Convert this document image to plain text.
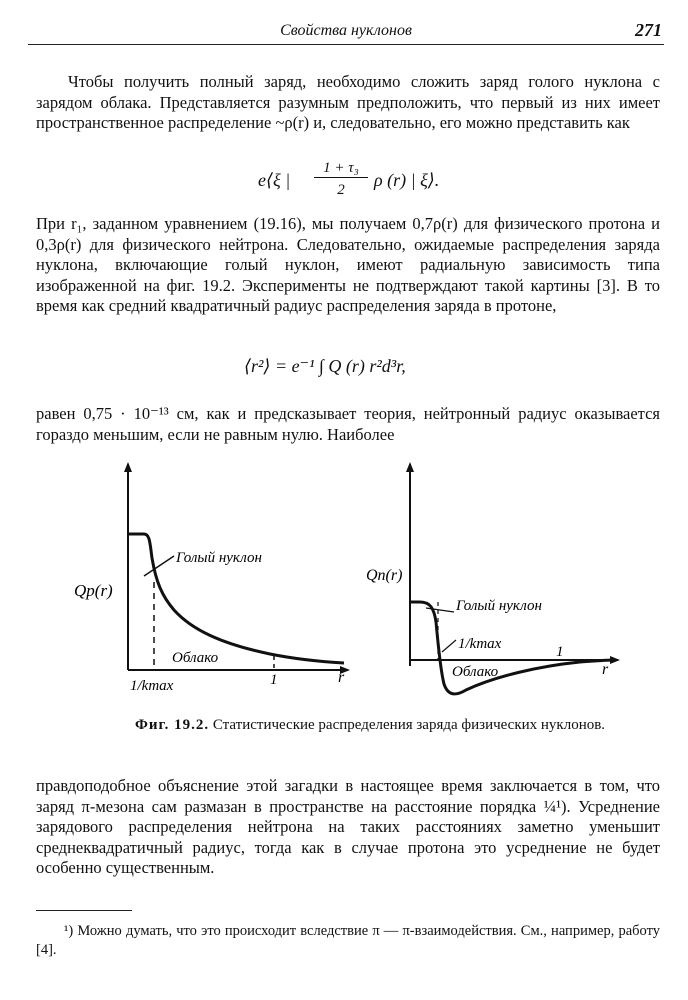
Свойства нуклонов	271

Чтобы получить полный заряд, необходимо сложить заряд голого нуклона с зарядом облака. Представляется разумным предположить, что первый из них имеет пространственное распределение ~ρ(r) и, следовательно, его можно представить как

e⟨ξ |
1 + τ₃
2	ρ (r) | ξ⟩.

При r₁, заданном уравнением (19.16), мы получаем 0,7ρ(r) для физического протона и 0,3ρ(r) для физического нейтрона. Следовательно, ожидаемые распределения заряда нуклона, включающие голый нуклон, имеют радиальную зависимость типа изображенной на фиг. 19.2. Эксперименты не подтверждают такой картины [3]. В то время как средний квадратичный радиус распределения заряда в протоне,

⟨r²⟩ = e⁻¹ ∫ Q (r) r²d³r,

равен 0,75 · 10⁻¹³ см, как и предсказывает теория, нейтронный радиус оказывается гораздо меньшим, если не равным нулю. Наиболее

Qp(r)
Голый нуклон
Облако
1/kmax	1	r
Qn(r)
Голый нуклон
1/kmax
Облако
1
r
Фиг. 19.2. Статистические распределения заряда физических нуклонов.

правдоподобное объяснение этой загадки в настоящее время заключается в том, что заряд π-мезона сам размазан в пространстве на расстояние порядка ¼¹). Усреднение зарядового распределения нейтрона на таких расстояниях заметно уменьшит среднеквадратичный радиус, тогда как в случае протона это усреднение не будет особенно существенным.

¹) Можно думать, что это происходит вследствие π — π-взаимодействия. См., например, работу [4].
